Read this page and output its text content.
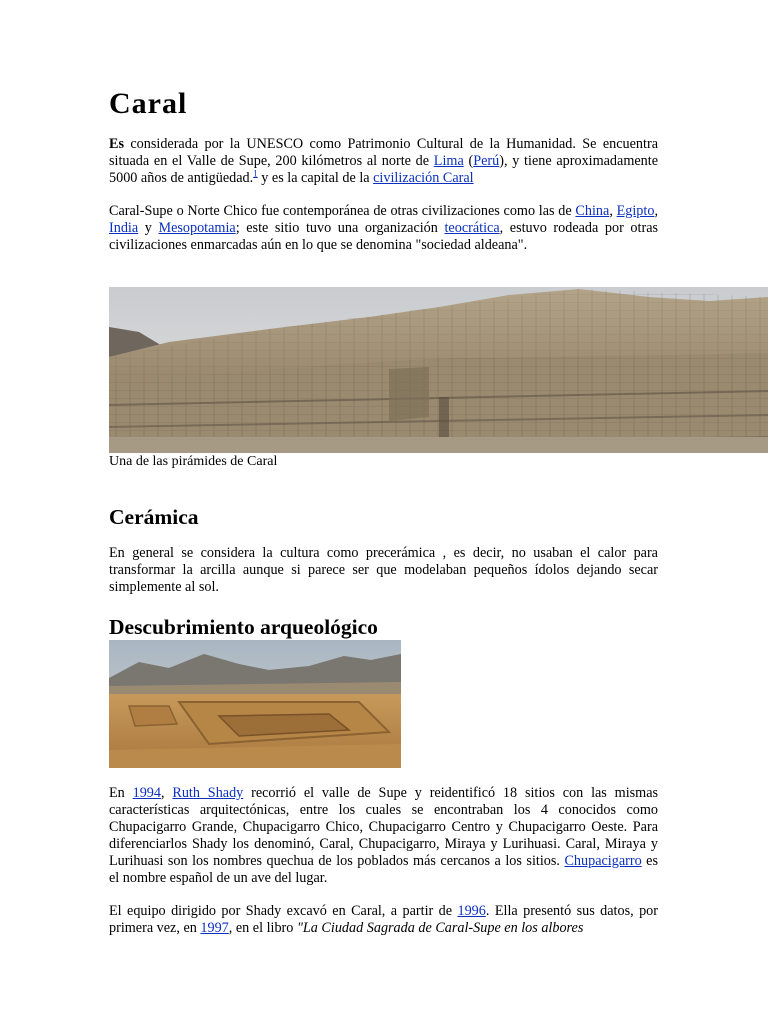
Caral

Es considerada por la UNESCO como Patrimonio Cultural de la Humanidad. Se encuentra situada en el Valle de Supe, 200 kilómetros al norte de Lima (Perú), y tiene aproximadamente 5000 años de antigüedad.$^1$ y es la capital de la civilización Caral

Caral-Supe o Norte Chico fue contemporánea de otras civilizaciones como las de China, Egipto, India y Mesopotamia; este sitio tuvo una organización teocrática, estuvo rodeada por otras civilizaciones enmarcadas aún en lo que se denomina "sociedad aldeana".

Una de las pirámides de Caral
Cerámica

En general se considera la cultura como precerámica , es decir, no usaban el calor para transformar la arcilla aunque si parece ser que modelaban pequeños ídolos dejando secar simplemente al sol.

Descubrimiento arqueológico

En 1994, Ruth Shady recorrió el valle de Supe y reidentificó 18 sitios con las mismas características arquitectónicas, entre los cuales se encontraban los 4 conocidos como Chupacigarro Grande, Chupacigarro Chico, Chupacigarro Centro y Chupacigarro Oeste. Para diferenciarlos Shady los denominó, Caral, Chupacigarro, Miraya y Lurihuasi. Caral, Miraya y Lurihuasi son los nombres quechua de los poblados más cercanos a los sitios. Chupacigarro es el nombre español de un ave del lugar.

El equipo dirigido por Shady excavó en Caral, a partir de 1996. Ella presentó sus datos, por primera vez, en 1997, en el libro "La Ciudad Sagrada de Caral-Supe en los albores
